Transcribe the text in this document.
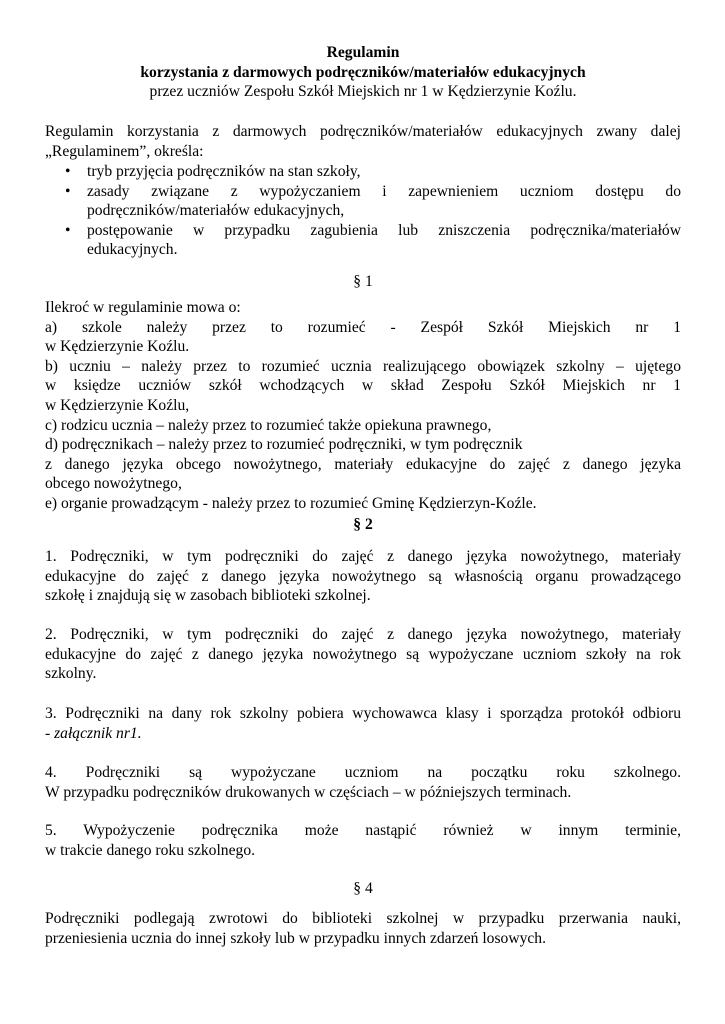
Regulamin
korzystania z darmowych podręczników/materiałów edukacyjnych
przez uczniów Zespołu Szkół Miejskich nr 1 w Kędzierzynie Koźlu.
Regulamin korzystania z darmowych podręczników/materiałów edukacyjnych zwany dalej
„Regulaminem”, określa:
• tryb przyjęcia podręczników na stan szkoły,
• zasady związane z wypożyczaniem i zapewnieniem uczniom dostępu do
podręczników/materiałów edukacyjnych,
• postępowanie w przypadku zagubienia lub zniszczenia podręcznika/materiałów
edukacyjnych.
§ 1
Ilekroć w regulaminie mowa o:
a) szkole należy przez to rozumieć - Zespół Szkół Miejskich nr 1
w Kędzierzynie Koźlu.
b) uczniu – należy przez to rozumieć ucznia realizującego obowiązek szkolny – ujętego
w księdze uczniów szkół wchodzących w skład Zespołu Szkół Miejskich nr 1
w Kędzierzynie Koźlu,
c) rodzicu ucznia – należy przez to rozumieć także opiekuna prawnego,
d) podręcznikach – należy przez to rozumieć podręczniki, w tym podręcznik
z danego języka obcego nowożytnego, materiały edukacyjne do zajęć z danego języka
obcego nowożytnego,
e) organie prowadzącym - należy przez to rozumieć Gminę Kędzierzyn-Koźle.
§ 2
1. Podręczniki, w tym podręczniki do zajęć z danego języka nowożytnego, materiały
edukacyjne do zajęć z danego języka nowożytnego są własnością organu prowadzącego
szkołę i znajdują się w zasobach biblioteki szkolnej.
2. Podręczniki, w tym podręczniki do zajęć z danego języka nowożytnego, materiały
edukacyjne do zajęć z danego języka nowożytnego są wypożyczane uczniom szkoły na rok
szkolny.
3. Podręczniki na dany rok szkolny pobiera wychowawca klasy i sporządza protokół odbioru
- załącznik nr1.
4. Podręczniki są wypożyczane uczniom na początku roku szkolnego.
W przypadku podręczników drukowanych w częściach – w późniejszych terminach.
5. Wypożyczenie podręcznika może nastąpić również w innym terminie,
w trakcie danego roku szkolnego.
§ 4
Podręczniki podlegają zwrotowi do biblioteki szkolnej w przypadku przerwania nauki,
przeniesienia ucznia do innej szkoły lub w przypadku innych zdarzeń losowych.
